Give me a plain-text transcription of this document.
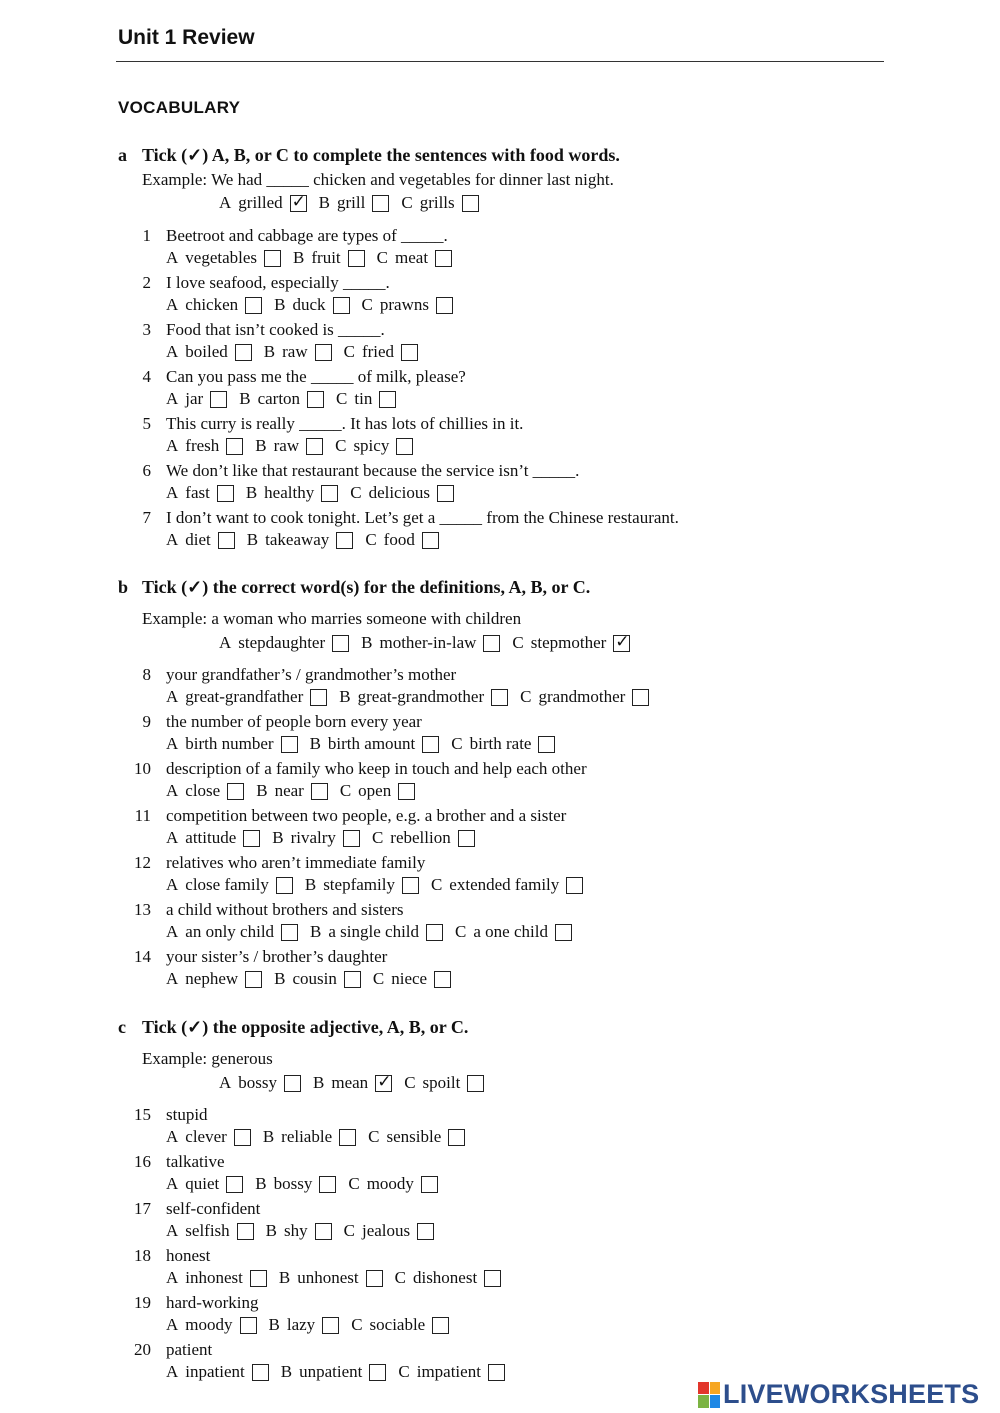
Unit 1 Review
VOCABULARY
a Tick (✓) A, B, or C to complete the sentences with food words.
Example: We had _____ chicken and vegetables for dinner last night.
A grilled ✓ B grill C grills
1 Beetroot and cabbage are types of _____.
A vegetables B fruit C meat
2 I love seafood, especially _____.
A chicken B duck C prawns
3 Food that isn’t cooked is _____.
A boiled B raw C fried
4 Can you pass me the _____ of milk, please?
A jar B carton C tin
5 This curry is really _____. It has lots of chillies in it.
A fresh B raw C spicy
6 We don’t like that restaurant because the service isn’t _____.
A fast B healthy C delicious
7 I don’t want to cook tonight. Let’s get a _____ from the Chinese restaurant.
A diet B takeaway C food
b Tick (✓) the correct word(s) for the definitions, A, B, or C.
Example: a woman who marries someone with children
A stepdaughter B mother-in-law C stepmother
✓
8 your grandfather’s / grandmother’s mother
A great-grandfather B great-grandmother C grandmother
9 the number of people born every year
A birth number B birth amount C birth rate
10 description of a family who keep in touch and help each other
A close B near C open
11 competition between two people, e.g. a brother and a sister
A attitude B rivalry C rebellion
12 relatives who aren’t immediate family
A close family B stepfamily C extended family
13 a child without brothers and sisters
A an only child B a single child C a one child
14 your sister’s / brother’s daughter
A nephew B cousin C niece
c Tick (✓) the opposite adjective, A, B, or C.
Example: generous
A bossy B mean ✓ C spoilt
15 stupid
A clever B reliable C sensible
16 talkative
A quiet B bossy C moody
17 self-confident
A selfish B shy C jealous
18 honest
A inhonest B unhonest C dishonest
19 hard-working
A moody B lazy C sociable
20 patient
A inpatient B unpatient C impatient
LIVEWORKSHEETS
